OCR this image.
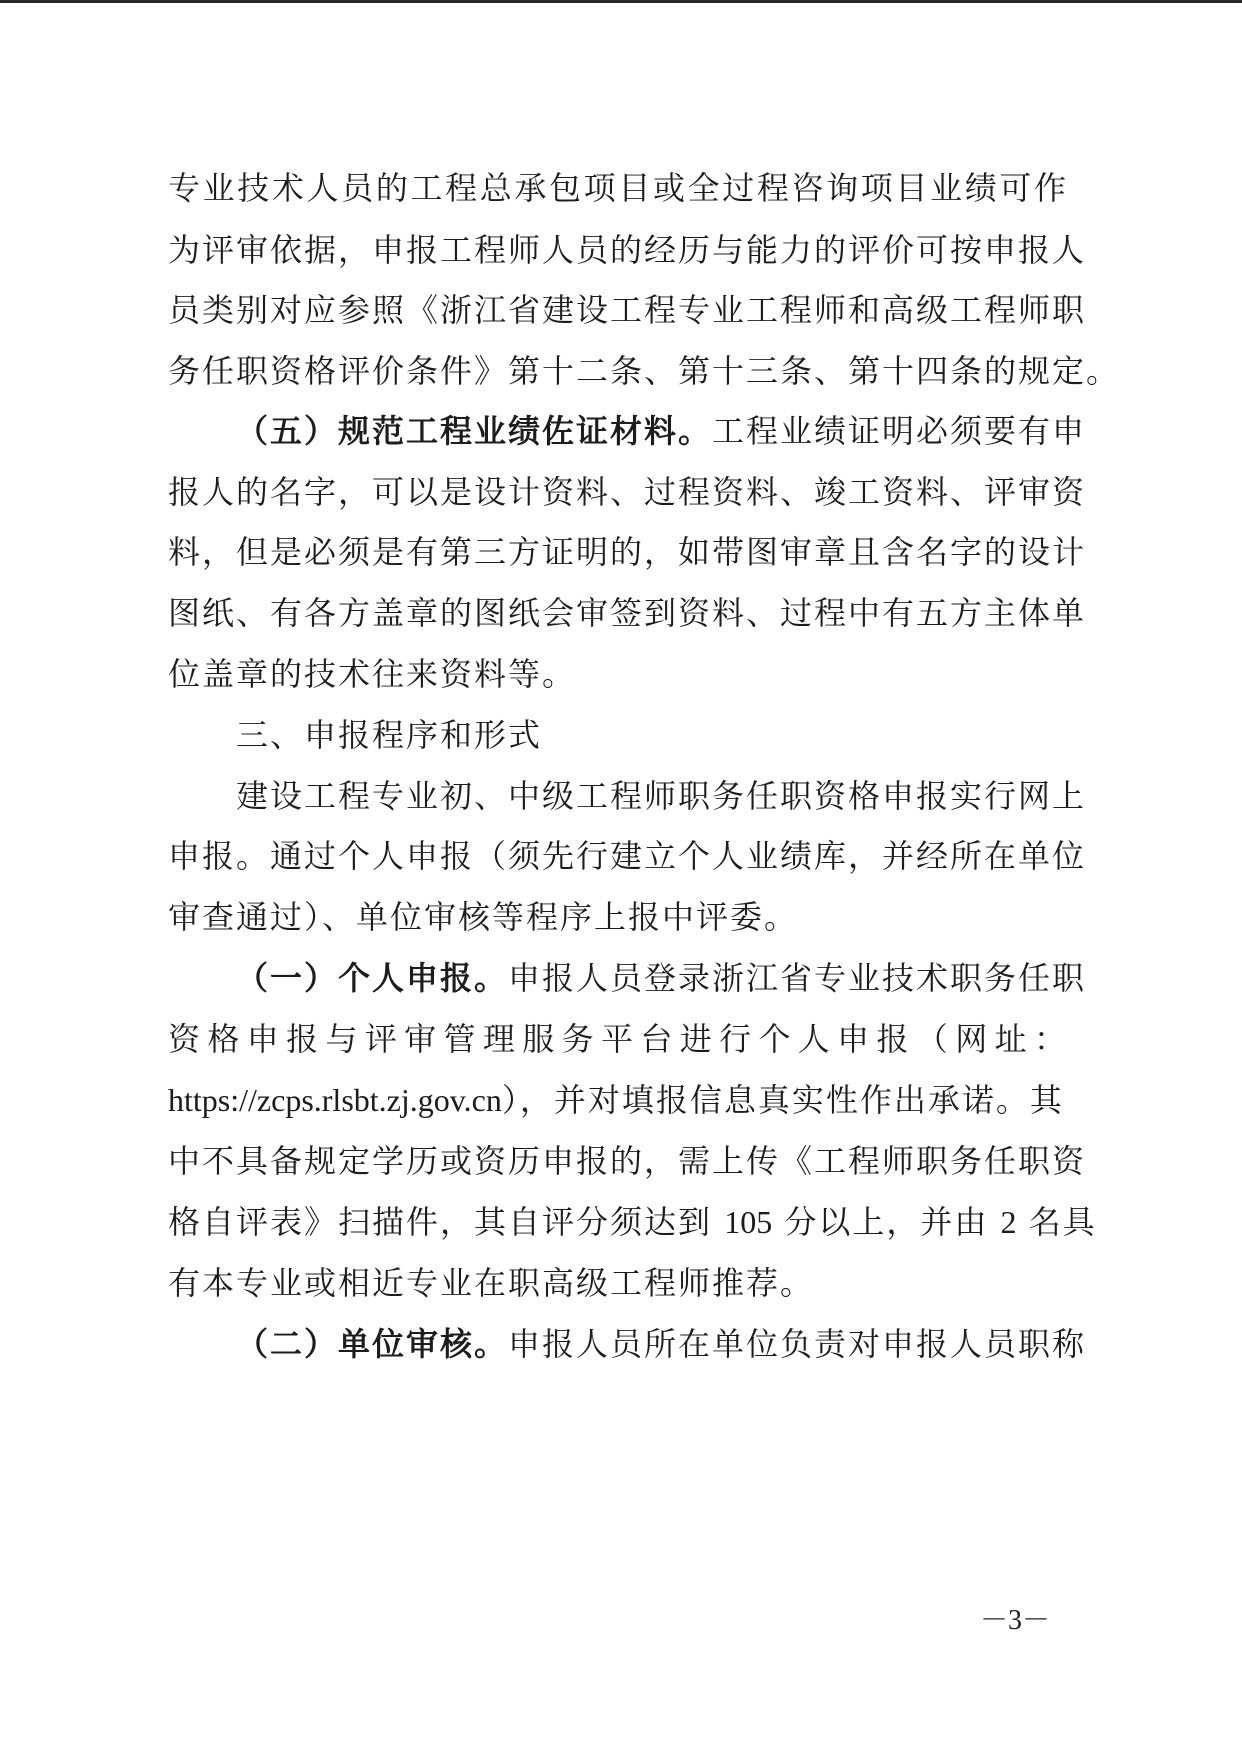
专业技术人员的工程总承包项目或全过程咨询项目业绩可作
为评审依据，申报工程师人员的经历与能力的评价可按申报人
员类别对应参照《浙江省建设工程专业工程师和高级工程师职
务任职资格评价条件》第十二条、第十三条、第十四条的规定。
（五）规范工程业绩佐证材料。工程业绩证明必须要有申
报人的名字，可以是设计资料、过程资料、竣工资料、评审资
料，但是必须是有第三方证明的，如带图审章且含名字的设计
图纸、有各方盖章的图纸会审签到资料、过程中有五方主体单
位盖章的技术往来资料等。
三、申报程序和形式
建设工程专业初、中级工程师职务任职资格申报实行网上
申报。通过个人申报（须先行建立个人业绩库，并经所在单位
审查通过）、单位审核等程序上报中评委。
（一）个人申报。申报人员登录浙江省专业技术职务任职
资格申报与评审管理服务平台进行个人申报（网址：
https://zcps.rlsbt.zj.gov.cn），并对填报信息真实性作出承诺。其
中不具备规定学历或资历申报的，需上传《工程师职务任职资
格自评表》扫描件，其自评分须达到 105 分以上，并由 2 名具
有本专业或相近专业在职高级工程师推荐。
（二）单位审核。申报人员所在单位负责对申报人员职称
－3－
